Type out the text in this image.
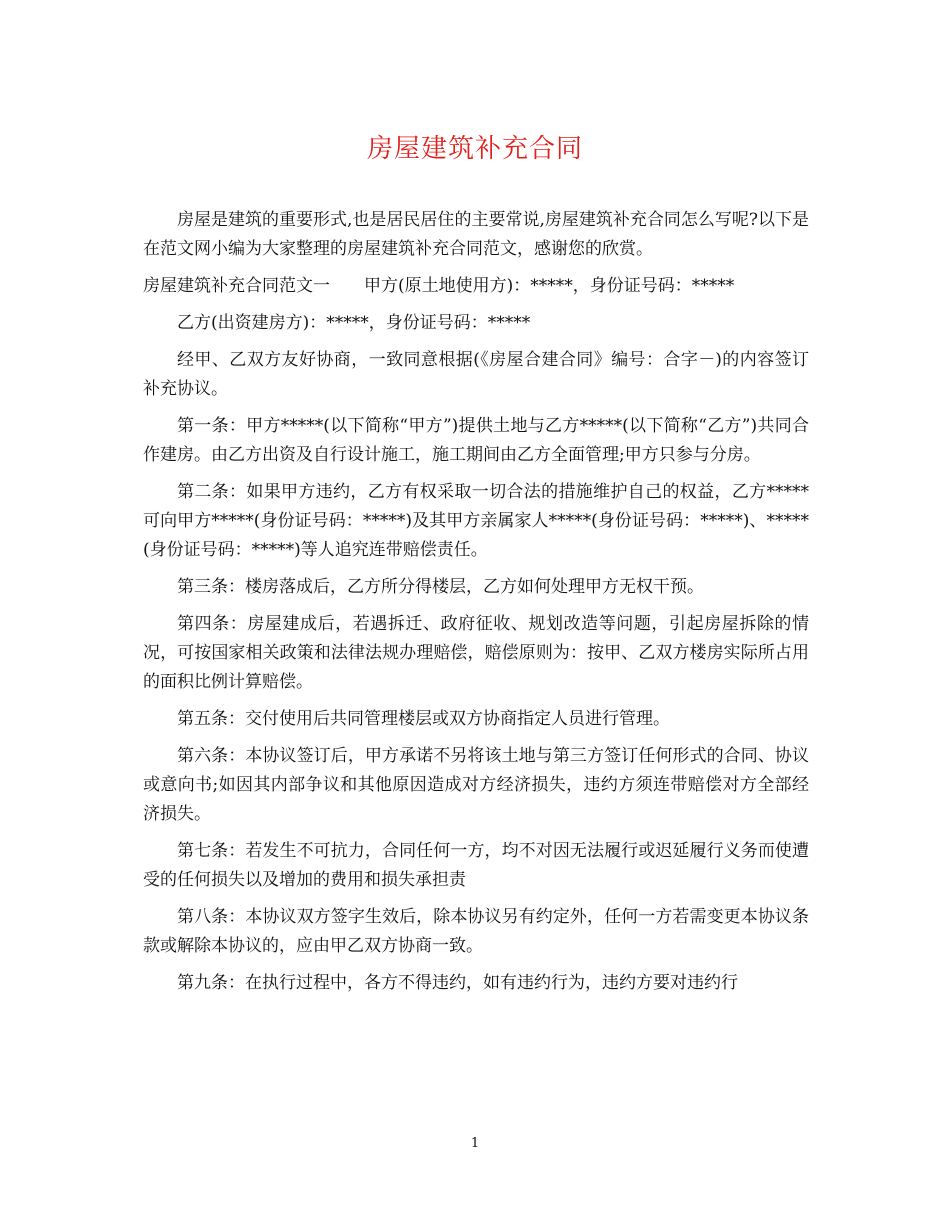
房屋建筑补充合同

房屋是建筑的重要形式,也是居民居住的主要常说,房屋建筑补充合同怎么写呢?以下是在范文网小编为大家整理的房屋建筑补充合同范文，感谢您的欣赏。

房屋建筑补充合同范文一　　甲方(原土地使用方)：*****，身份证号码：*****

乙方(出资建房方)：*****，身份证号码：*****

经甲、乙双方友好协商，一致同意根据(《房屋合建合同》编号：合字－)的内容签订补充协议。

第一条：甲方*****(以下简称“甲方”)提供土地与乙方*****(以下简称“乙方”)共同合作建房。由乙方出资及自行设计施工，施工期间由乙方全面管理;甲方只参与分房。

第二条：如果甲方违约，乙方有权采取一切合法的措施维护自己的权益，乙方*****可向甲方*****(身份证号码：*****)及其甲方亲属家人*****(身份证号码：*****)、*****(身份证号码：*****)等人追究连带赔偿责任。

第三条：楼房落成后，乙方所分得楼层，乙方如何处理甲方无权干预。

第四条：房屋建成后，若遇拆迁、政府征收、规划改造等问题，引起房屋拆除的情况，可按国家相关政策和法律法规办理赔偿，赔偿原则为：按甲、乙双方楼房实际所占用的面积比例计算赔偿。

第五条：交付使用后共同管理楼层或双方协商指定人员进行管理。

第六条：本协议签订后，甲方承诺不另将该土地与第三方签订任何形式的合同、协议或意向书;如因其内部争议和其他原因造成对方经济损失，违约方须连带赔偿对方全部经济损失。

第七条：若发生不可抗力，合同任何一方，均不对因无法履行或迟延履行义务而使遭受的任何损失以及增加的费用和损失承担责

第八条：本协议双方签字生效后，除本协议另有约定外，任何一方若需变更本协议条款或解除本协议的，应由甲乙双方协商一致。

第九条：在执行过程中，各方不得违约，如有违约行为，违约方要对违约行

1
